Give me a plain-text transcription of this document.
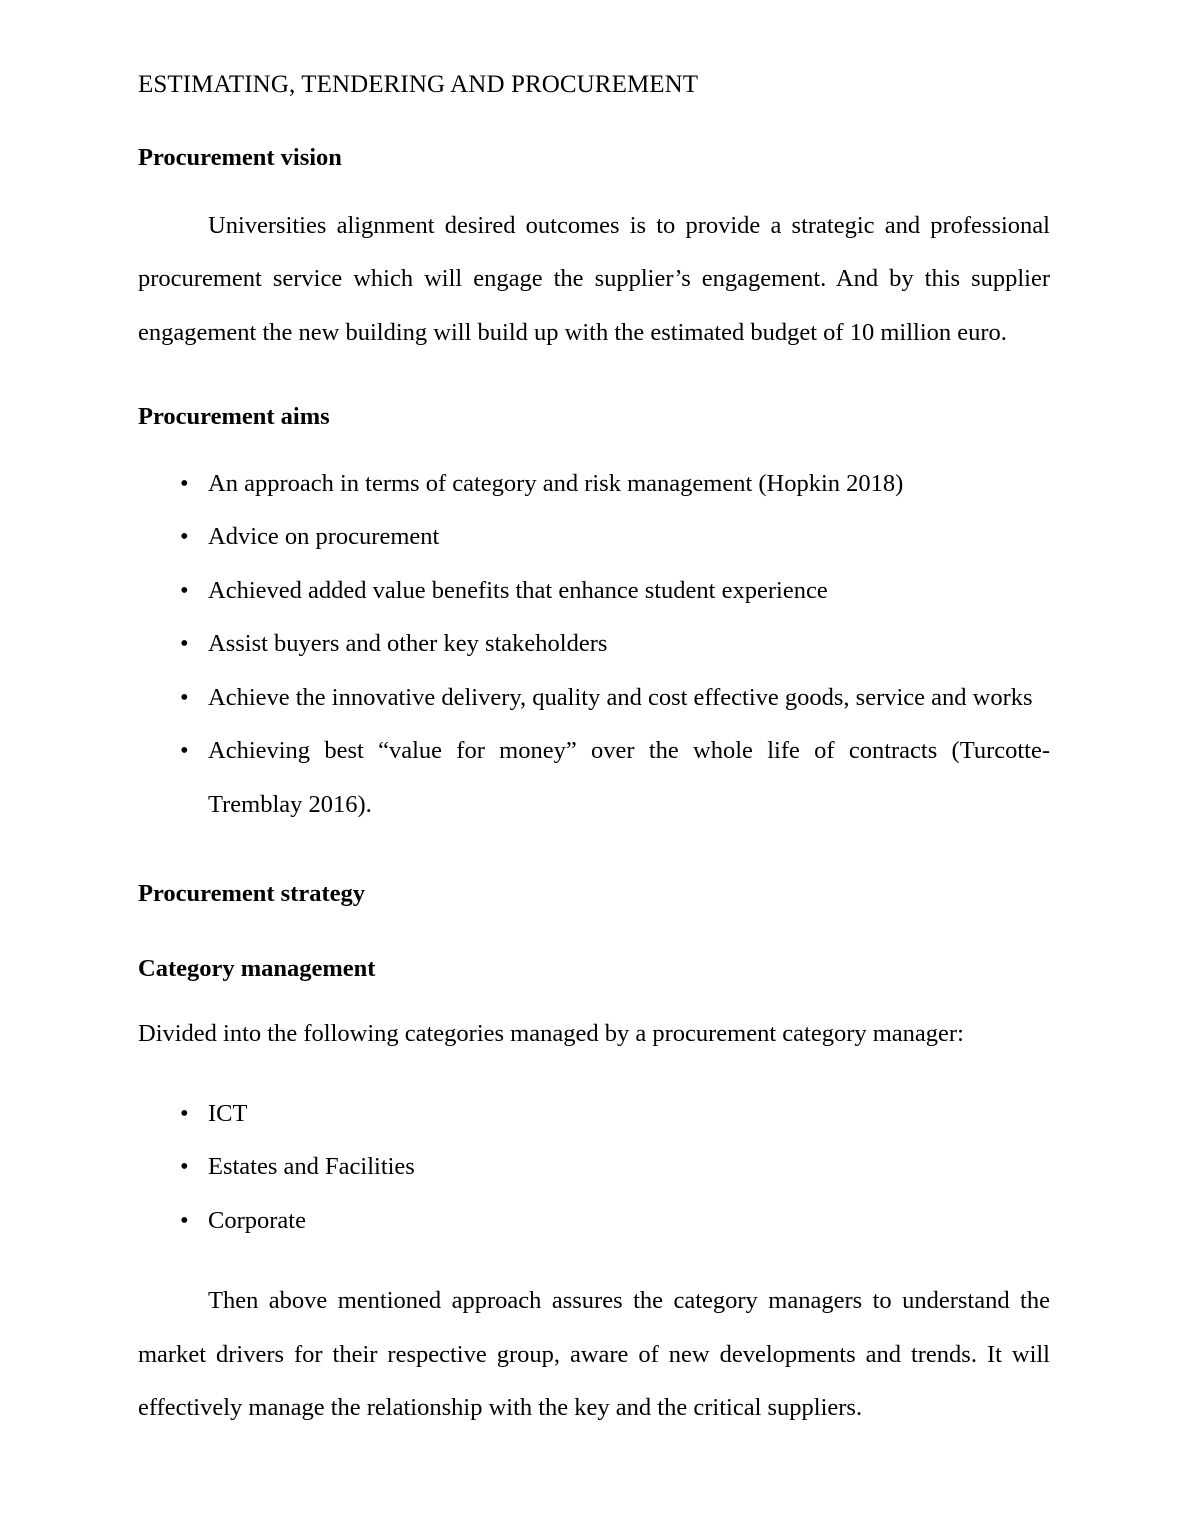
ESTIMATING, TENDERING AND PROCUREMENT
Procurement vision

Universities alignment desired outcomes is to provide a strategic and professional procurement service which will engage the supplier’s engagement. And by this supplier engagement the new building will build up with the estimated budget of 10 million euro.

Procurement aims
• An approach in terms of category and risk management (Hopkin 2018)
• Advice on procurement
• Achieved added value benefits that enhance student experience
• Assist buyers and other key stakeholders
• Achieve the innovative delivery, quality and cost effective goods, service and works
• Achieving best “value for money” over the whole life of contracts (Turcotte-Tremblay 2016).
Procurement strategy
Category management

Divided into the following categories managed by a procurement category manager:

• ICT
• Estates and Facilities
• Corporate

Then above mentioned approach assures the category managers to understand the market drivers for their respective group, aware of new developments and trends. It will effectively manage the relationship with the key and the critical suppliers.
